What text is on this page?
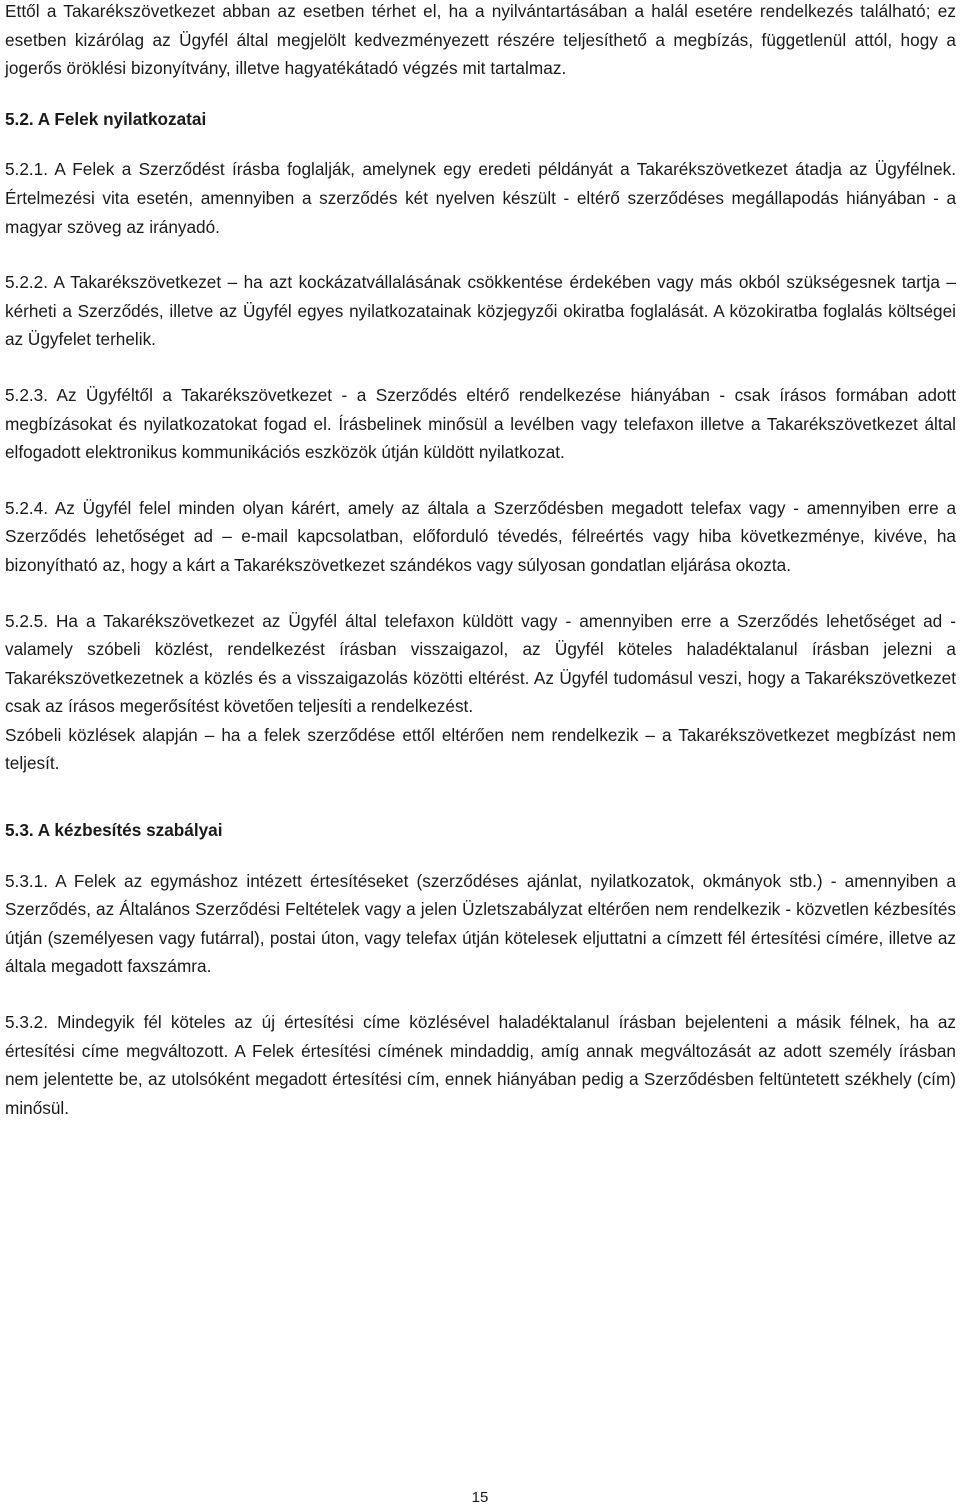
Ettől a Takarékszövetkezet abban az esetben térhet el, ha a nyilvántartásában a halál esetére rendelkezés található; ez esetben kizárólag az Ügyfél által megjelölt kedvezményezett részére teljesíthető a megbízás, függetlenül attól, hogy a jogerős öröklési bizonyítvány, illetve hagyatékátadó végzés mit tartalmaz.

5.2. A Felek nyilatkozatai

5.2.1. A Felek a Szerződést írásba foglalják, amelynek egy eredeti példányát a Takarékszövetkezet átadja az Ügyfélnek. Értelmezési vita esetén, amennyiben a szerződés két nyelven készült - eltérő szerződéses megállapodás hiányában - a magyar szöveg az irányadó.

5.2.2. A Takarékszövetkezet – ha azt kockázatvállalásának csökkentése érdekében vagy más okból szükségesnek tartja – kérheti a Szerződés, illetve az Ügyfél egyes nyilatkozatainak közjegyzői okiratba foglalását. A közokiratba foglalás költségei az Ügyfelet terhelik.

5.2.3. Az Ügyféltől a Takarékszövetkezet - a Szerződés eltérő rendelkezése hiányában - csak írásos formában adott megbízásokat és nyilatkozatokat fogad el. Írásbelinek minősül a levélben vagy telefaxon illetve a Takarékszövetkezet által elfogadott elektronikus kommunikációs eszközök útján küldött nyilatkozat.

5.2.4. Az Ügyfél felel minden olyan kárért, amely az általa a Szerződésben megadott telefax vagy - amennyiben erre a Szerződés lehetőséget ad – e-mail kapcsolatban, előforduló tévedés, félreértés vagy hiba következménye, kivéve, ha bizonyítható az, hogy a kárt a Takarékszövetkezet szándékos vagy súlyosan gondatlan eljárása okozta.

5.2.5. Ha a Takarékszövetkezet az Ügyfél által telefaxon küldött vagy - amennyiben erre a Szerződés lehetőséget ad - valamely szóbeli közlést, rendelkezést írásban visszaigazol, az Ügyfél köteles haladéktalanul írásban jelezni a Takarékszövetkezetnek a közlés és a visszaigazolás közötti eltérést. Az Ügyfél tudomásul veszi, hogy a Takarékszövetkezet csak az írásos megerősítést követően teljesíti a rendelkezést.

Szóbeli közlések alapján – ha a felek szerződése ettől eltérően nem rendelkezik – a Takarékszövetkezet megbízást nem teljesít.

5.3. A kézbesítés szabályai

5.3.1. A Felek az egymáshoz intézett értesítéseket (szerződéses ajánlat, nyilatkozatok, okmányok stb.) - amennyiben a Szerződés, az Általános Szerződési Feltételek vagy a jelen Üzletszabályzat eltérően nem rendelkezik - közvetlen kézbesítés útján (személyesen vagy futárral), postai úton, vagy telefax útján kötelesek eljuttatni a címzett fél értesítési címére, illetve az általa megadott faxszámra.

5.3.2. Mindegyik fél köteles az új értesítési címe közlésével haladéktalanul írásban bejelenteni a másik félnek, ha az értesítési címe megváltozott. A Felek értesítési címének mindaddig, amíg annak megváltozását az adott személy írásban nem jelentette be, az utolsóként megadott értesítési cím, ennek hiányában pedig a Szerződésben feltüntetett székhely (cím) minősül.

15
